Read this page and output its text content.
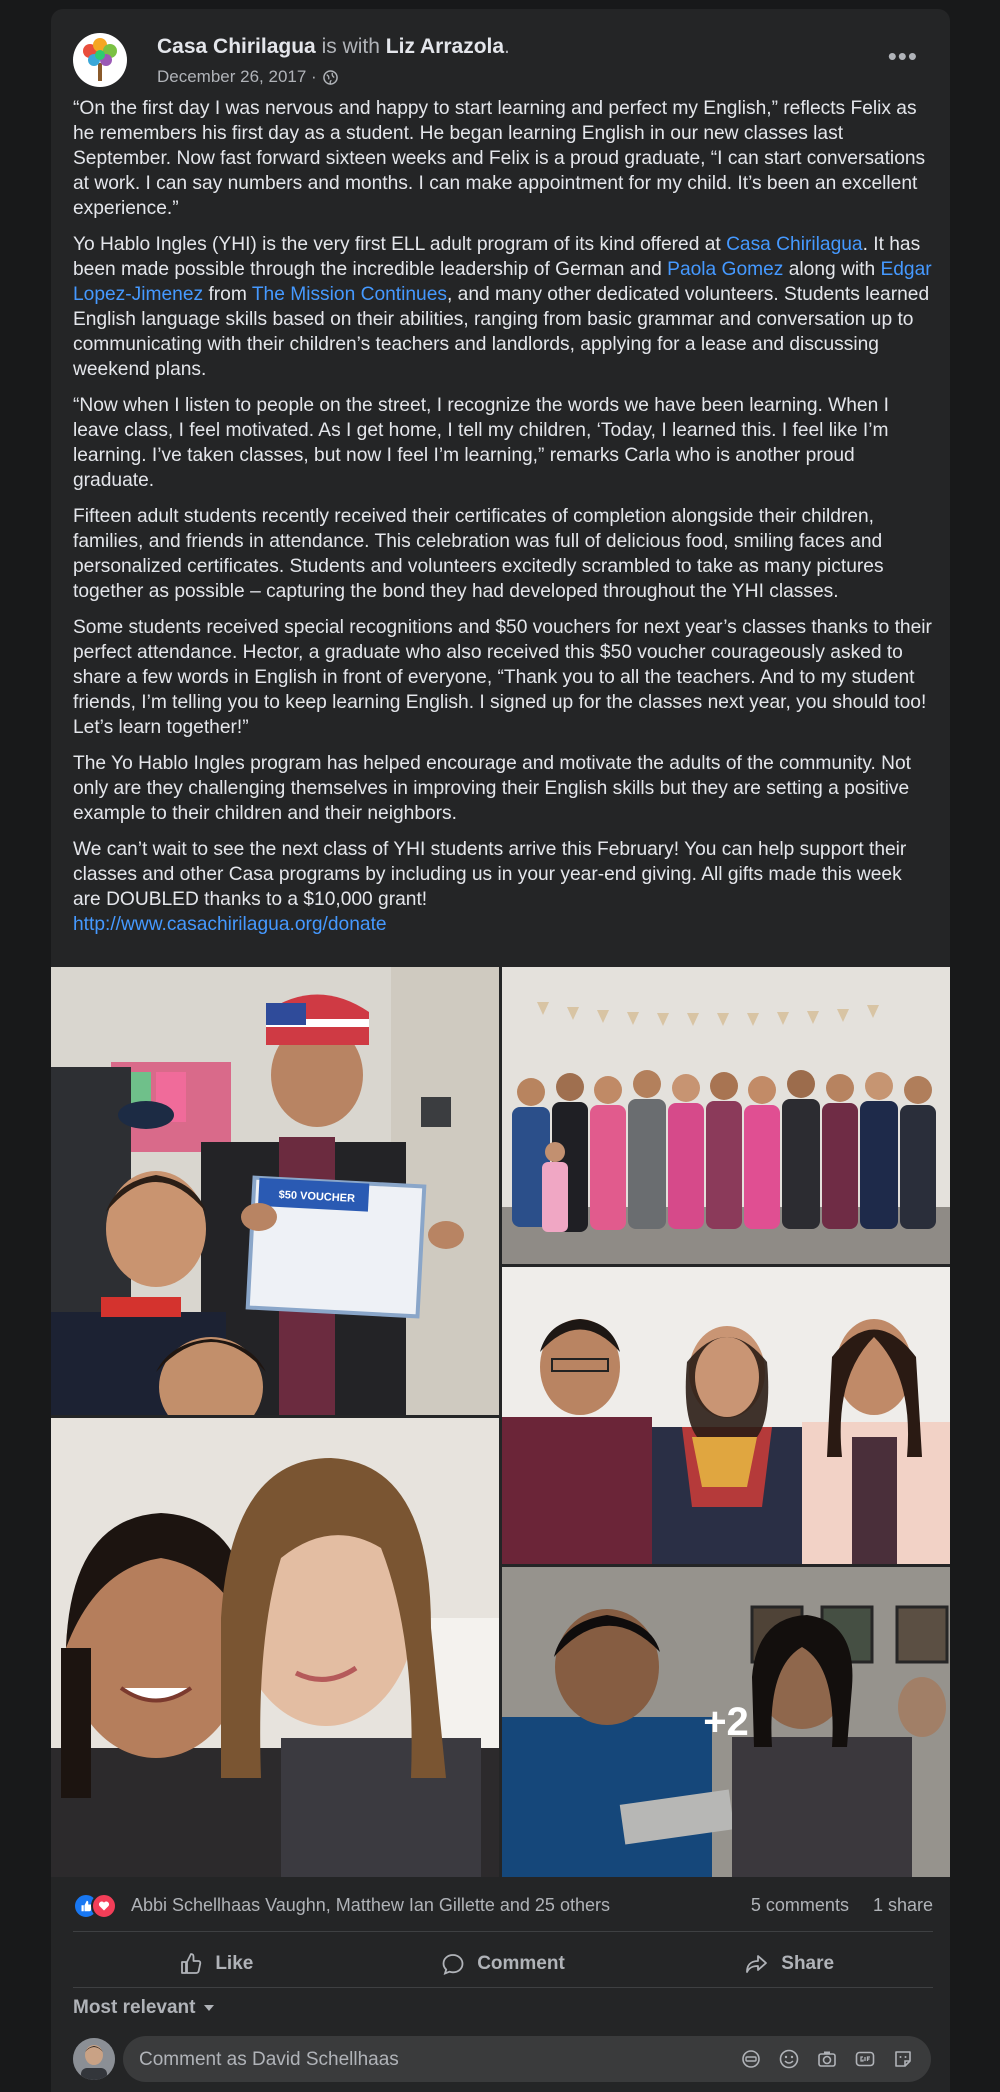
Casa Chirilagua is with Liz Arrazola.
December 26, 2017 ·
•••

“On the first day I was nervous and happy to start learning and perfect my English,” reflects Felix as he remembers his first day as a student. He began learning English in our new classes last September. Now fast forward sixteen weeks and Felix is a proud graduate, “I can start conversations at work. I can say numbers and months. I can make appointment for my child. It’s been an excellent experience.”

Yo Hablo Ingles (YHI) is the very first ELL adult program of its kind offered at Casa Chirilagua. It has been made possible through the incredible leadership of German and Paola Gomez along with Edgar Lopez-Jimenez from The Mission Continues, and many other dedicated volunteers. Students learned English language skills based on their abilities, ranging from basic grammar and conversation up to communicating with their children’s teachers and landlords, applying for a lease and discussing weekend plans.

“Now when I listen to people on the street, I recognize the words we have been learning. When I leave class, I feel motivated. As I get home, I tell my children, ‘Today, I learned this. I feel like I’m learning. I’ve taken classes, but now I feel I’m learning,” remarks Carla who is another proud graduate.

Fifteen adult students recently received their certificates of completion alongside their children, families, and friends in attendance. This celebration was full of delicious food, smiling faces and personalized certificates. Students and volunteers excitedly scrambled to take as many pictures together as possible – capturing the bond they had developed throughout the YHI classes.

Some students received special recognitions and $50 vouchers for next year’s classes thanks to their perfect attendance. Hector, a graduate who also received this $50 voucher courageously asked to share a few words in English in front of everyone, “Thank you to all the teachers. And to my student friends, I’m telling you to keep learning English. I signed up for the classes next year, you should too! Let’s learn together!”

The Yo Hablo Ingles program has helped encourage and motivate the adults of the community. Not only are they challenging themselves in improving their English skills but they are setting a positive example to their children and their neighbors.

We can’t wait to see the next class of YHI students arrive this February! You can help support their classes and other Casa programs by including us in your year-end giving. All gifts made this week are DOUBLED thanks to a $10,000 grant!
http://www.casachirilagua.org/donate

$50 VOUCHER
+2
Abbi Schellhaas Vaughn, Matthew Ian Gillette and 25 others	5 comments 1 share
Like	Comment	Share
Most relevant
Comment as David Schellhaas
